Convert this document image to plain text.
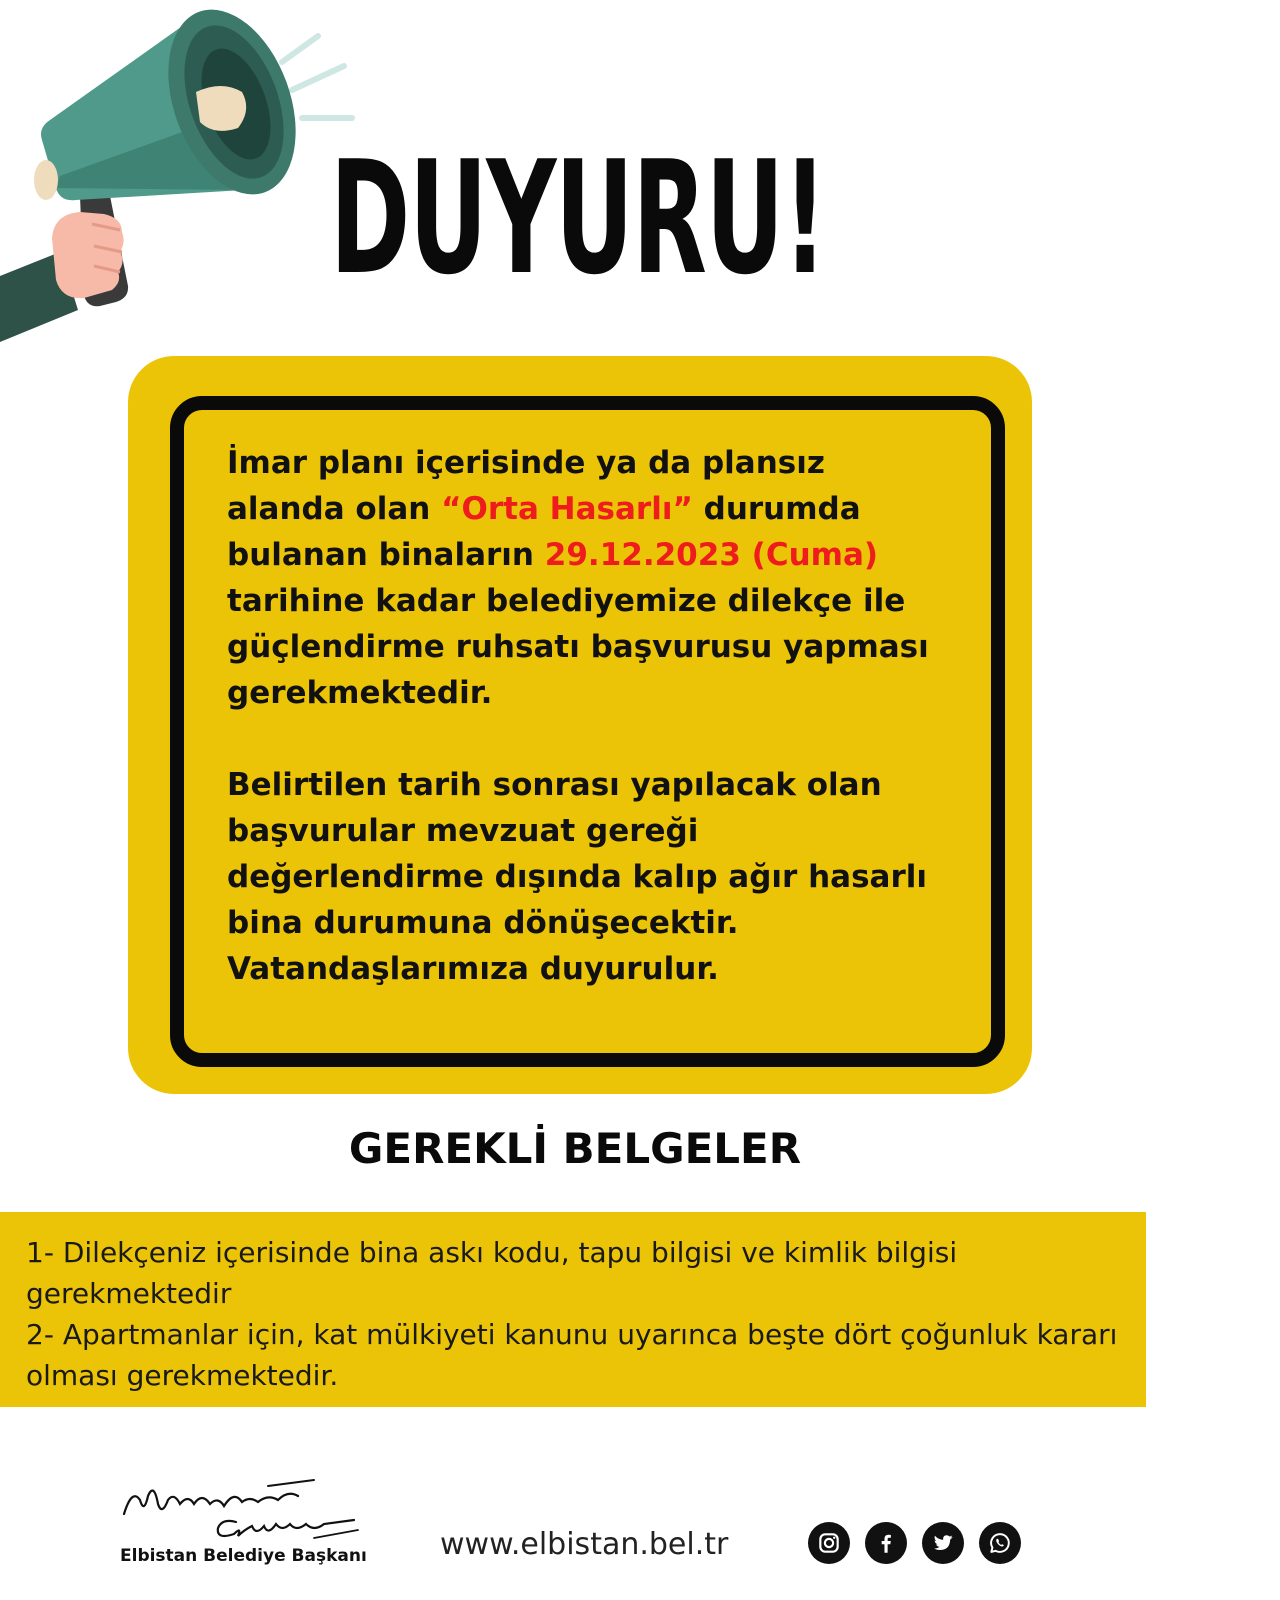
DUYURU!

İmar planı içerisinde ya da plansız alanda olan “Orta Hasarlı” durumda bulanan binaların 29.12.2023 (Cuma) tarihine kadar belediyemize dilekçe ile güçlendirme ruhsatı başvurusu yapması gerekmektedir.

Belirtilen tarih sonrası yapılacak olan başvurular mevzuat gereği değerlendirme dışında kalıp ağır hasarlı bina durumuna dönüşecektir. Vatandaşlarımıza duyurulur.

GEREKLİ BELGELER

1- Dilekçeniz içerisinde bina askı kodu, tapu bilgisi ve kimlik bilgisi gerekmektedir

2- Apartmanlar için, kat mülkiyeti kanunu uyarınca beşte dört çoğunluk kararı olması gerekmektedir.

Elbistan Belediye Başkanı www.elbistan.bel.tr
